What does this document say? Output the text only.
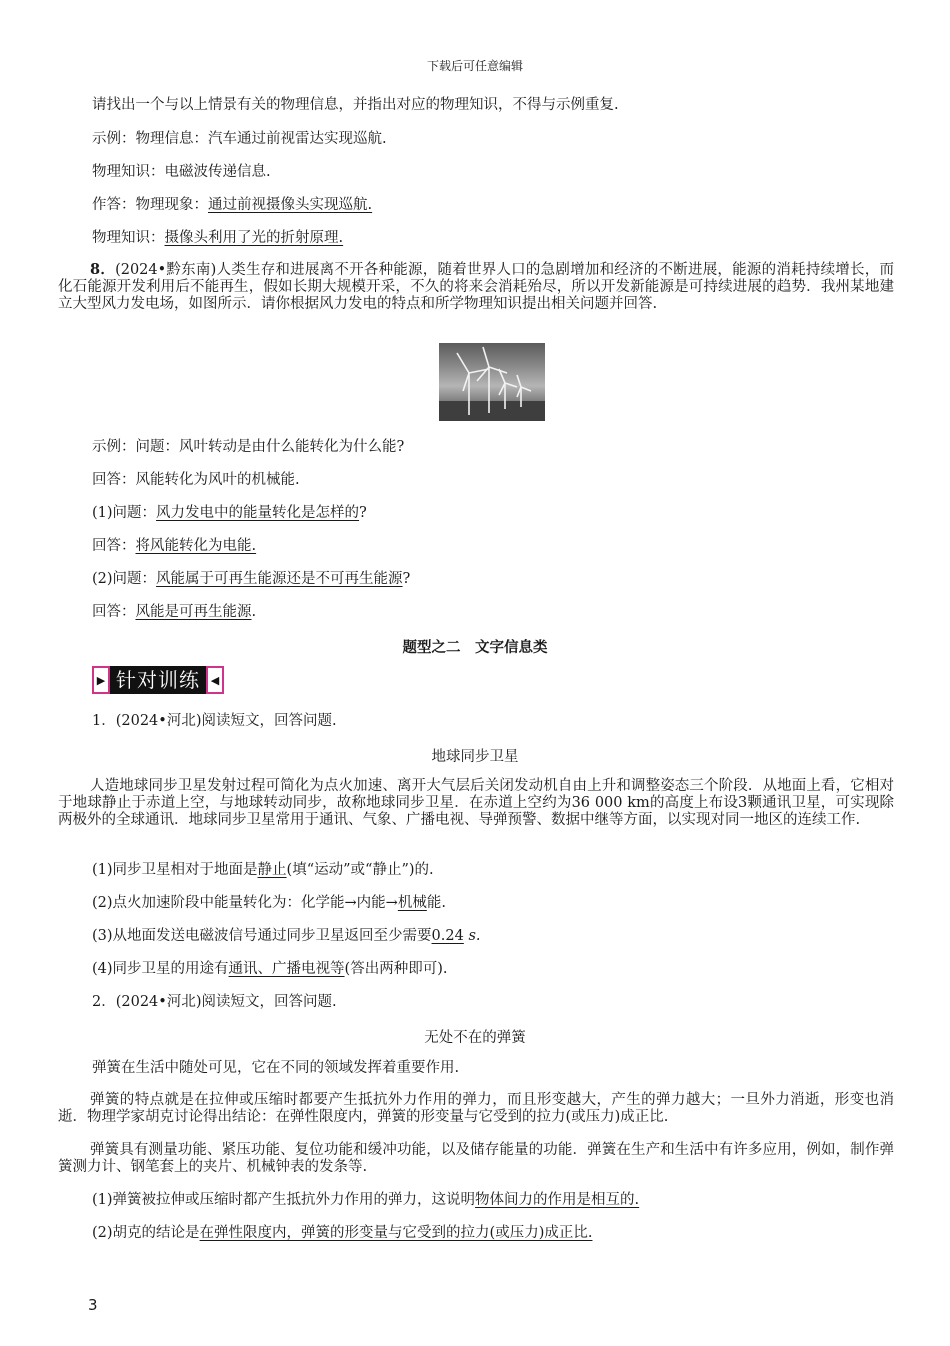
下载后可任意编辑
请找出一个与以上情景有关的物理信息，并指出对应的物理知识，不得与示例重复.
示例：物理信息：汽车通过前视雷达实现巡航.
物理知识：电磁波传递信息.
作答：物理现象：通过前视摄像头实现巡航.
物理知识：摄像头利用了光的折射原理.
8．(2024•黔东南)人类生存和进展离不开各种能源，随着世界人口的急剧增加和经济的不断进展，能源的消耗持续增长，而化石能源开发利用后不能再生，假如长期大规模开采，不久的将来会消耗殆尽，所以开发新能源是可持续进展的趋势．我州某地建立大型风力发电场，如图所示．请你根据风力发电的特点和所学物理知识提出相关问题并回答.
示例：问题：风叶转动是由什么能转化为什么能?
回答：风能转化为风叶的机械能.
(1)问题：风力发电中的能量转化是怎样的?
回答：将风能转化为电能.
(2)问题：风能属于可再生能源还是不可再生能源?
回答：风能是可再生能源.
题型之二　文字信息类
▶ 针对训练 ◀
1．(2024•河北)阅读短文，回答问题.
地球同步卫星
人造地球同步卫星发射过程可简化为点火加速、离开大气层后关闭发动机自由上升和调整姿态三个阶段．从地面上看，它相对于地球静止于赤道上空，与地球转动同步，故称地球同步卫星．在赤道上空约为36 000 km的高度上布设3颗通讯卫星，可实现除两极外的全球通讯．地球同步卫星常用于通讯、气象、广播电视、导弹预警、数据中继等方面，以实现对同一地区的连续工作.
(1)同步卫星相对于地面是静止(填“运动”或“静止”)的.
(2)点火加速阶段中能量转化为：化学能→内能→机械能.
(3)从地面发送电磁波信号通过同步卫星返回至少需要0.24 s.
(4)同步卫星的用途有通讯、广播电视等(答出两种即可).
2．(2024•河北)阅读短文，回答问题.
无处不在的弹簧
弹簧在生活中随处可见，它在不同的领域发挥着重要作用.
弹簧的特点就是在拉伸或压缩时都要产生抵抗外力作用的弹力，而且形变越大，产生的弹力越大；一旦外力消逝，形变也消逝．物理学家胡克讨论得出结论：在弹性限度内，弹簧的形变量与它受到的拉力(或压力)成正比.
弹簧具有测量功能、紧压功能、复位功能和缓冲功能，以及储存能量的功能．弹簧在生产和生活中有许多应用，例如，制作弹簧测力计、钢笔套上的夹片、机械钟表的发条等.
(1)弹簧被拉伸或压缩时都产生抵抗外力作用的弹力，这说明物体间力的作用是相互的.
(2)胡克的结论是在弹性限度内，弹簧的形变量与它受到的拉力(或压力)成正比.
3
